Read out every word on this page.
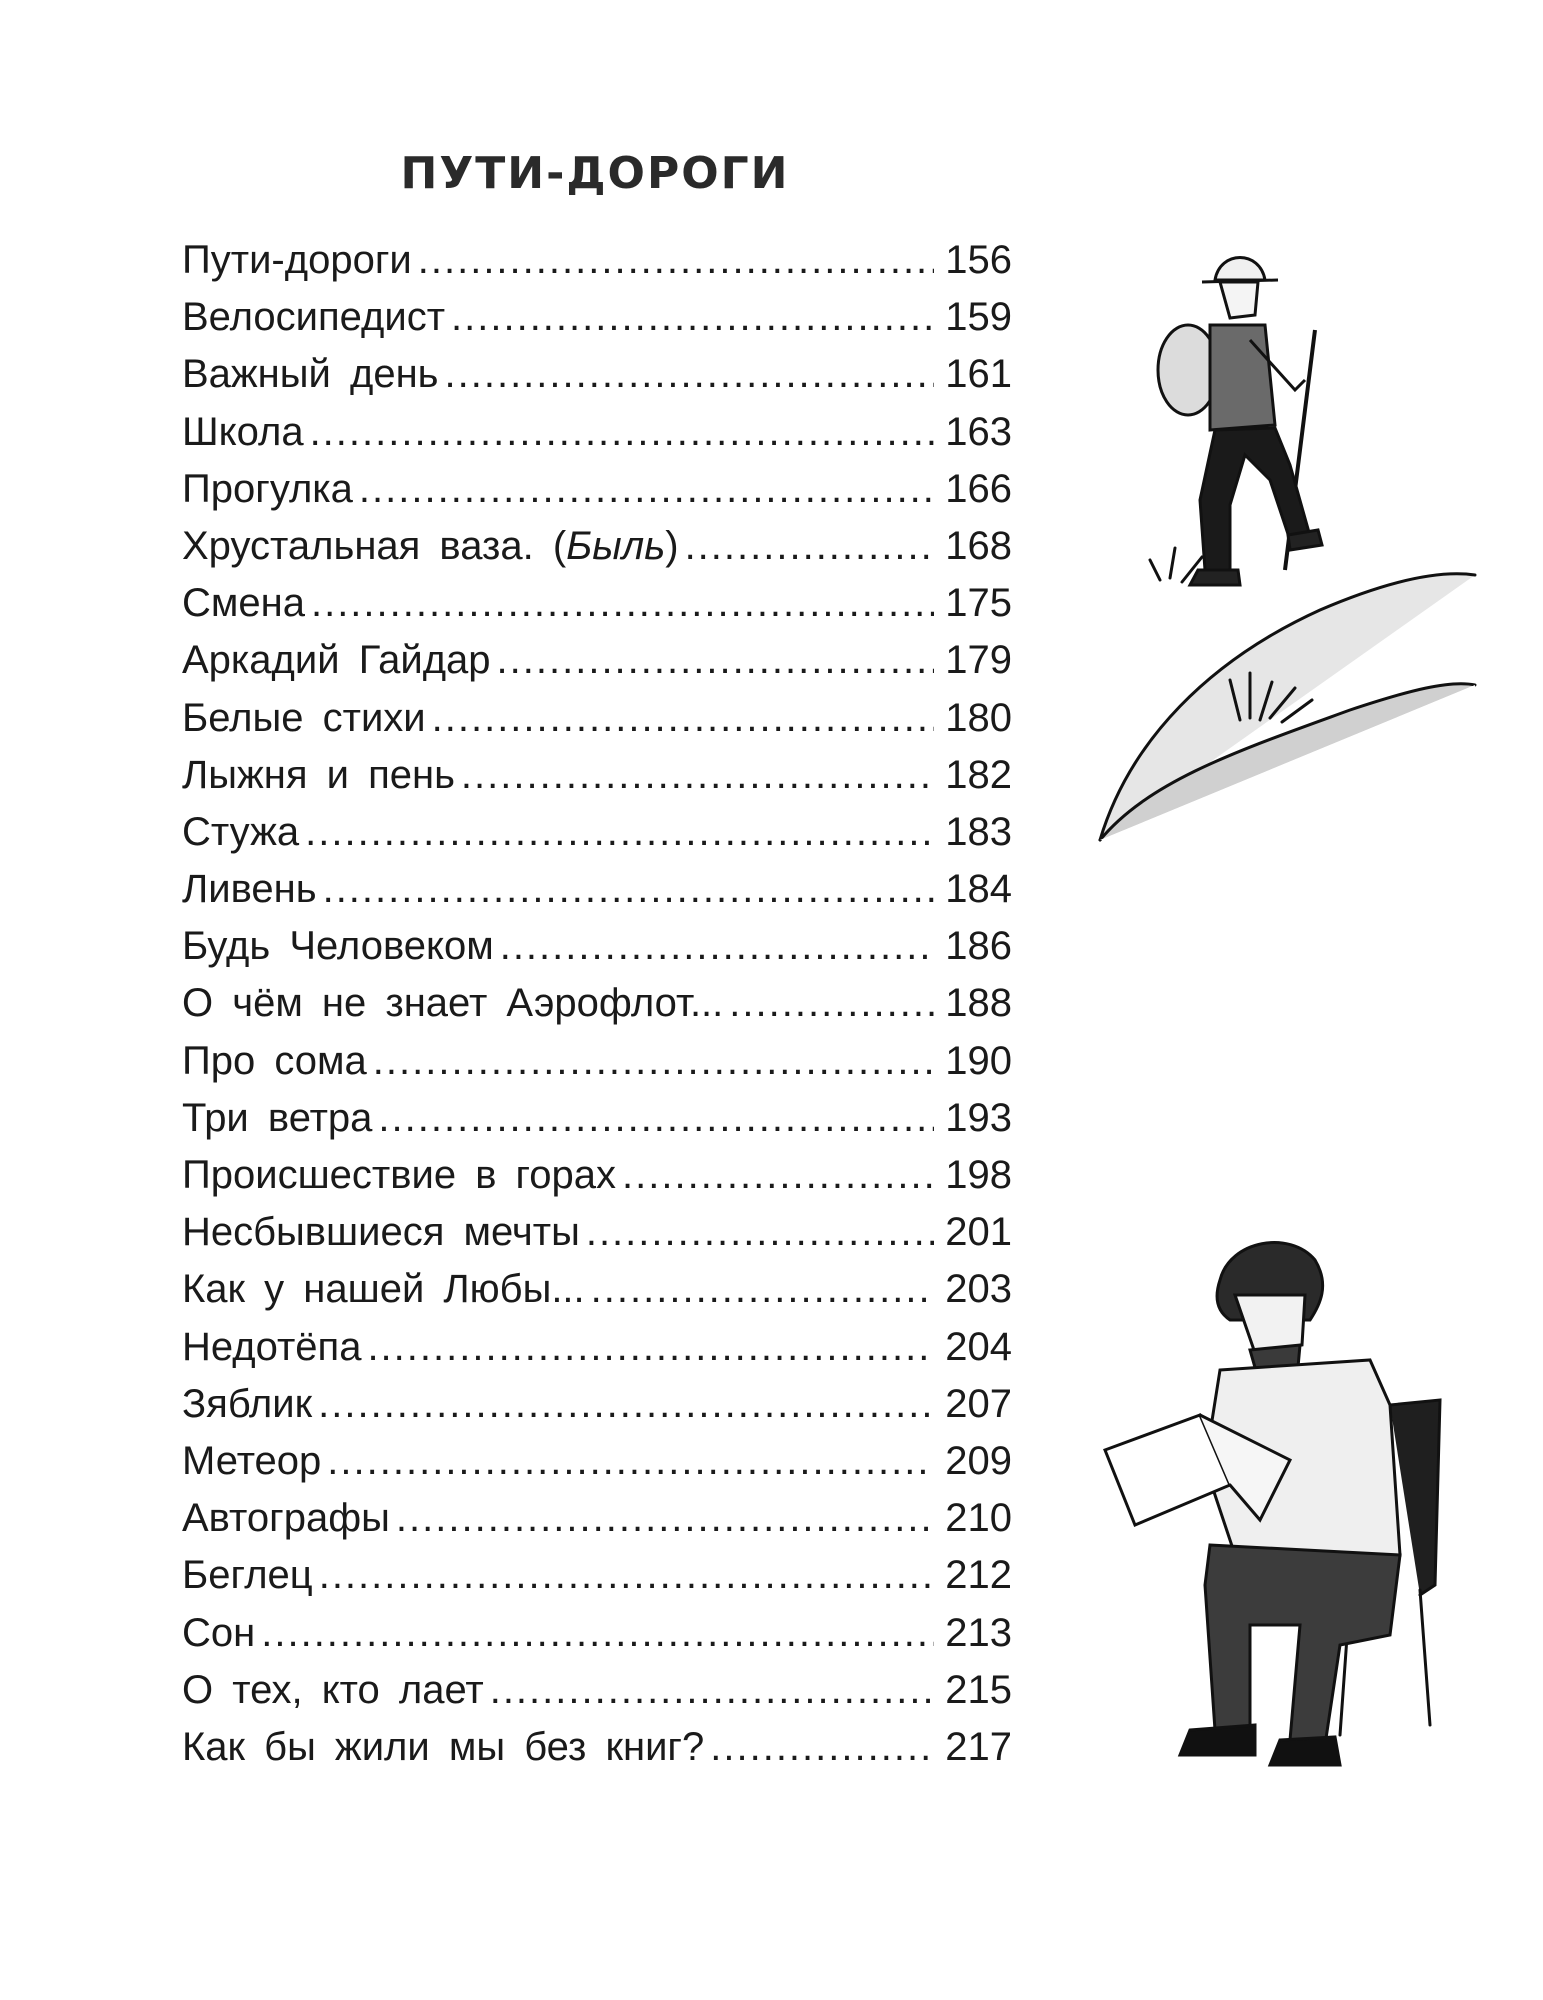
ПУТИ-ДОРОГИ
Пути-дороги .....	156
Велосипедист .....	159
Важный день .....	161
Школа .....	163
Прогулка .....	166
Хрустальная ваза. (Быль) .....	168
Смена .....	175
Аркадий Гайдар .....	179
Белые стихи .....	180
Лыжня и пень .....	182
Стужа .....	183
Ливень .....	184
Будь Человеком .....	186
О чём не знает Аэрофлот... .....	188
Про сома .....	190
Три ветра .....	193
Происшествие в горах .....	198
Несбывшиеся мечты .....	201
Как у нашей Любы... .....	203
Недотёпа .....	204
Зяблик .....	207
Метеор .....	209
Автографы .....	210
Беглец .....	212
Сон .....	213
О тех, кто лает .....	215
Как бы жили мы без книг? .....	217
